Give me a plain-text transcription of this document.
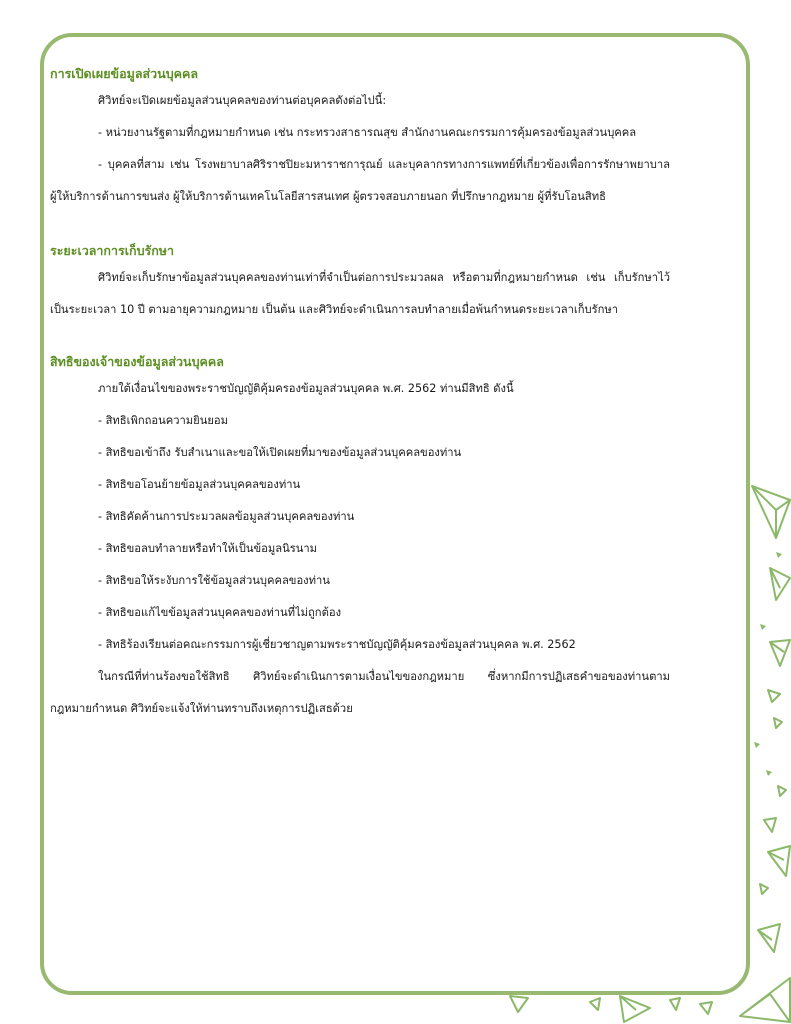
การเปิดเผยข้อมูลส่วนบุคคล

ศิวิทย์จะเปิดเผยข้อมูลส่วนบุคคลของท่านต่อบุคคลดังต่อไปนี้:

- หน่วยงานรัฐตามที่กฎหมายกำหนด เช่น กระทรวงสาธารณสุข สำนักงานคณะกรรมการคุ้มครองข้อมูลส่วนบุคคล

- บุคคลที่สาม เช่น โรงพยาบาลศิริราชปิยะมหาราชการุณย์ และบุคลากรทางการแพทย์ที่เกี่ยวข้องเพื่อการรักษาพยาบาล ผู้ให้บริการด้านการขนส่ง ผู้ให้บริการด้านเทคโนโลยีสารสนเทศ ผู้ตรวจสอบภายนอก ที่ปรึกษากฎหมาย ผู้ที่รับโอนสิทธิ

ระยะเวลาการเก็บรักษา

ศิวิทย์จะเก็บรักษาข้อมูลส่วนบุคคลของท่านเท่าที่จำเป็นต่อการประมวลผล หรือตามที่กฎหมายกำหนด เช่น เก็บรักษาไว้เป็นระยะเวลา 10 ปี ตามอายุความกฎหมาย เป็นต้น และศิวิทย์จะดำเนินการลบทำลายเมื่อพ้นกำหนดระยะเวลาเก็บรักษา

สิทธิของเจ้าของข้อมูลส่วนบุคคล

ภายใต้เงื่อนไขของพระราชบัญญัติคุ้มครองข้อมูลส่วนบุคคล พ.ศ. 2562 ท่านมีสิทธิ ดังนี้

- สิทธิเพิกถอนความยินยอม

- สิทธิขอเข้าถึง รับสำเนาและขอให้เปิดเผยที่มาของข้อมูลส่วนบุคคลของท่าน

- สิทธิขอโอนย้ายข้อมูลส่วนบุคคลของท่าน

- สิทธิคัดค้านการประมวลผลข้อมูลส่วนบุคคลของท่าน

- สิทธิขอลบทำลายหรือทำให้เป็นข้อมูลนิรนาม

- สิทธิขอให้ระงับการใช้ข้อมูลส่วนบุคคลของท่าน

- สิทธิขอแก้ไขข้อมูลส่วนบุคคลของท่านที่ไม่ถูกต้อง

- สิทธิร้องเรียนต่อคณะกรรมการผู้เชี่ยวชาญตามพระราชบัญญัติคุ้มครองข้อมูลส่วนบุคคล พ.ศ. 2562

ในกรณีที่ท่านร้องขอใช้สิทธิ ศิวิทย์จะดำเนินการตามเงื่อนไขของกฎหมาย ซึ่งหากมีการปฏิเสธคำขอของท่านตามกฎหมายกำหนด ศิวิทย์จะแจ้งให้ท่านทราบถึงเหตุการปฏิเสธด้วย
